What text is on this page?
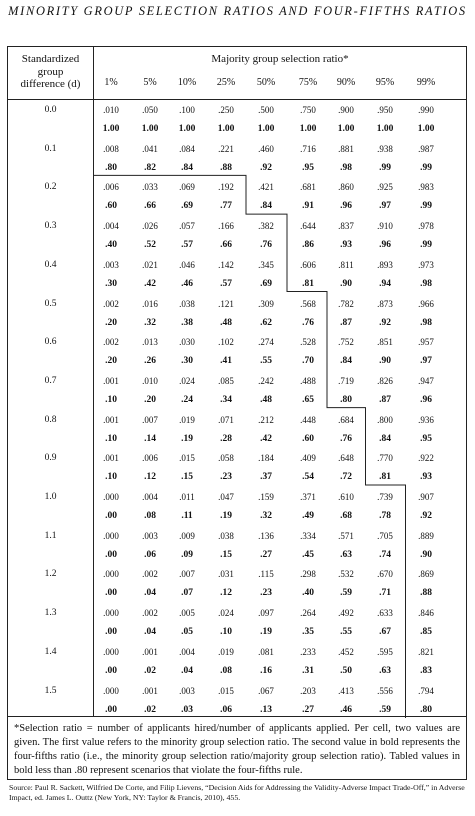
MINORITY GROUP SELECTION RATIOS AND FOUR-FIFTHS RATIOS
Standardized
group
difference (d)
Majority group selection ratio*
1%	5%	10%	25%	50%	75%	90%	95%	99%
0.0	.010	.050	.100	.250	.500	.750	.900	.950	.990
1.00	1.00	1.00	1.00	1.00	1.00	1.00	1.00	1.00
0.1	.008	.041	.084	.221	.460	.716	.881	.938	.987
.80	.82	.84	.88	.92	.95	.98	.99	.99
0.2	.006	.033	.069	.192	.421	.681	.860	.925	.983
.60	.66	.69	.77	.84	.91	.96	.97	.99
0.3	.004	.026	.057	.166	.382	.644	.837	.910	.978
.40	.52	.57	.66	.76	.86	.93	.96	.99
0.4	.003	.021	.046	.142	.345	.606	.811	.893	.973
.30	.42	.46	.57	.69	.81	.90	.94	.98
0.5	.002	.016	.038	.121	.309	.568	.782	.873	.966
.20	.32	.38	.48	.62	.76	.87	.92	.98
0.6	.002	.013	.030	.102	.274	.528	.752	.851	.957
.20	.26	.30	.41	.55	.70	.84	.90	.97
0.7	.001	.010	.024	.085	.242	.488	.719	.826	.947
.10	.20	.24	.34	.48	.65	.80	.87	.96
0.8	.001	.007	.019	.071	.212	.448	.684	.800	.936
.10	.14	.19	.28	.42	.60	.76	.84	.95
0.9	.001	.006	.015	.058	.184	.409	.648	.770	.922
.10	.12	.15	.23	.37	.54	.72	.81	.93
1.0	.000	.004	.011	.047	.159	.371	.610	.739	.907
.00	.08	.11	.19	.32	.49	.68	.78	.92
1.1	.000	.003	.009	.038	.136	.334	.571	.705	.889
.00	.06	.09	.15	.27	.45	.63	.74	.90
1.2	.000	.002	.007	.031	.115	.298	.532	.670	.869
.00	.04	.07	.12	.23	.40	.59	.71	.88
1.3	.000	.002	.005	.024	.097	.264	.492	.633	.846
.00	.04	.05	.10	.19	.35	.55	.67	.85
1.4	.000	.001	.004	.019	.081	.233	.452	.595	.821
.00	.02	.04	.08	.16	.31	.50	.63	.83
1.5	.000	.001	.003	.015	.067	.203	.413	.556	.794
.00	.02	.03	.06	.13	.27	.46	.59	.80
*Selection ratio = number of applicants hired/number of applicants applied. Per cell, two values are given. The first value refers to the minority group selection ratio. The second value in bold represents the four-fifths ratio (i.e., the minority group selection ratio/majority group selection ratio). Tabled values in bold less than .80 represent scenarios that violate the four-fifths rule.
Source: Paul R. Sackett, Wilfried De Corte, and Filip Lievens, “Decision Aids for Addressing the Validity-Adverse Impact Trade-Off,” in Adverse Impact, ed. James L. Outtz (New York, NY: Taylor & Francis, 2010), 455.
